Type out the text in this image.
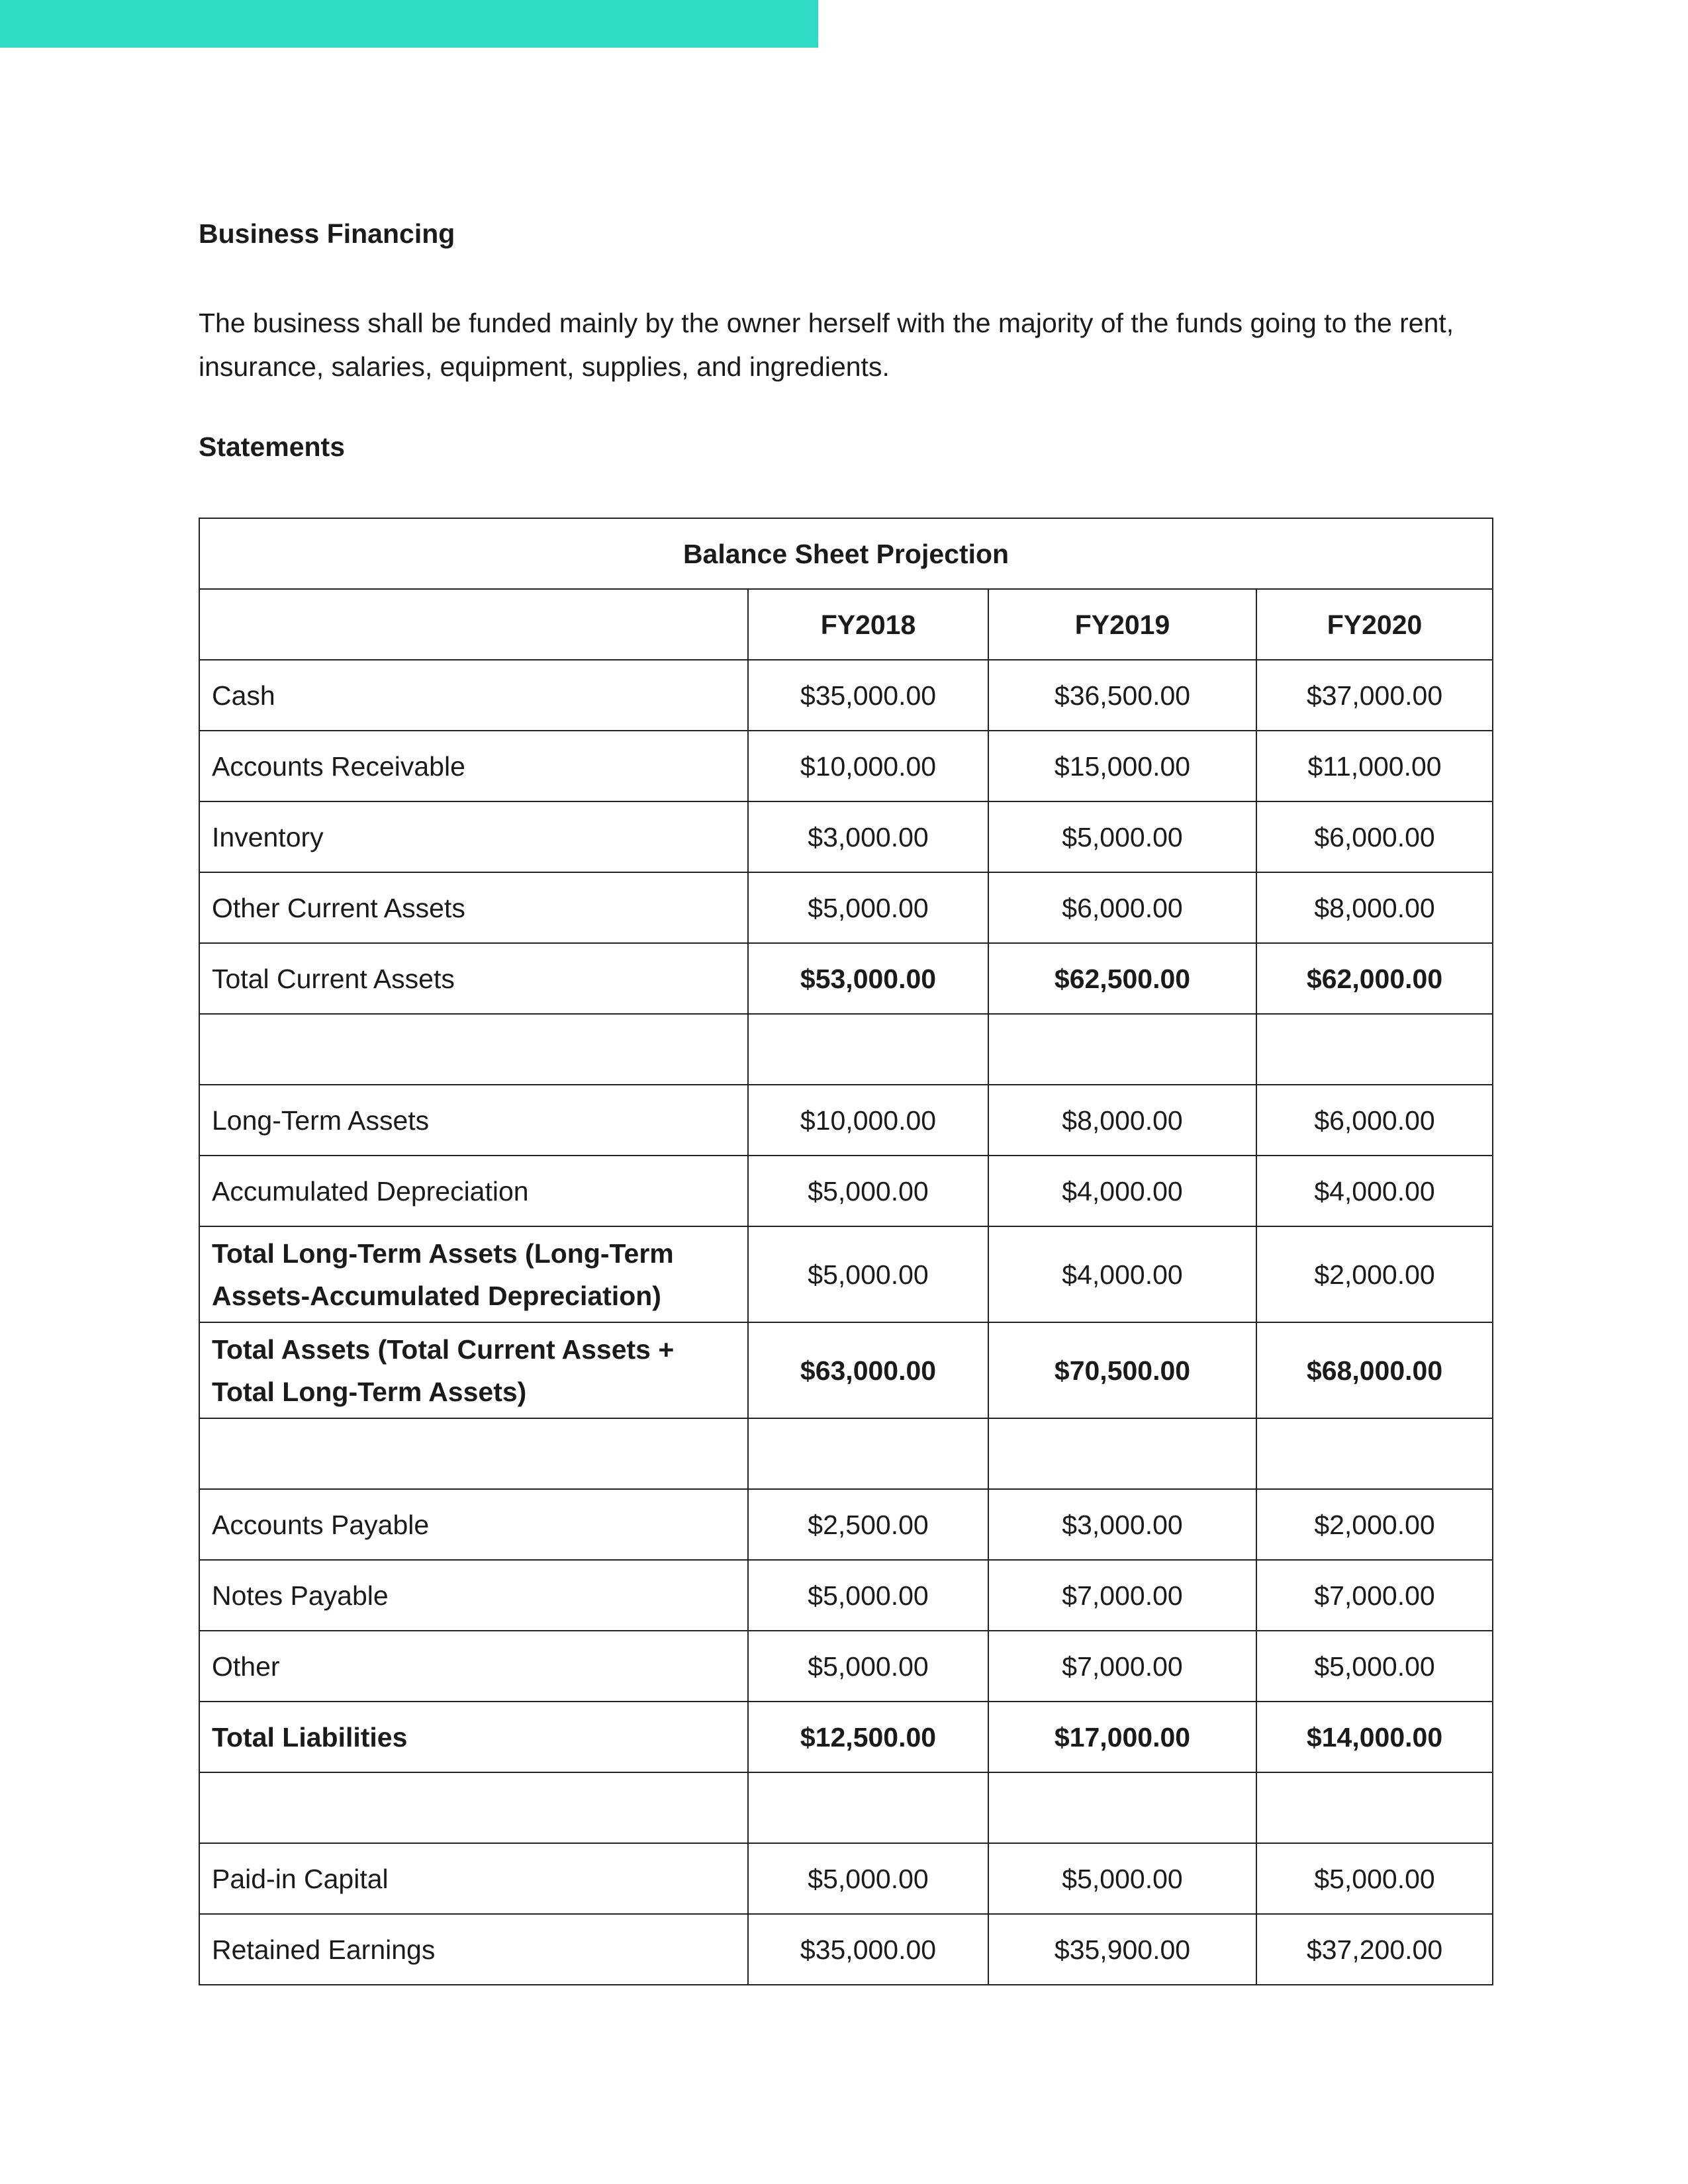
Business Financing
The business shall be funded mainly by the owner herself with the majority of the funds going to the rent, insurance, salaries, equipment, supplies, and ingredients.
Statements
Balance Sheet Projection			
	FY2018	FY2019	FY2020
Cash	$35,000.00	$36,500.00	$37,000.00
Accounts Receivable	$10,000.00	$15,000.00	$11,000.00
Inventory	$3,000.00	$5,000.00	$6,000.00
Other Current Assets	$5,000.00	$6,000.00	$8,000.00
Total Current Assets	$53,000.00	$62,500.00	$62,000.00

Long-Term Assets	$10,000.00	$8,000.00	$6,000.00
Accumulated Depreciation	$5,000.00	$4,000.00	$4,000.00
Total Long-Term Assets (Long-Term Assets-Accumulated Depreciation)	$5,000.00	$4,000.00	$2,000.00
Total Assets (Total Current Assets + Total Long-Term Assets)	$63,000.00	$70,500.00	$68,000.00

Accounts Payable	$2,500.00	$3,000.00	$2,000.00
Notes Payable	$5,000.00	$7,000.00	$7,000.00
Other	$5,000.00	$7,000.00	$5,000.00
Total Liabilities	$12,500.00	$17,000.00	$14,000.00

Paid-in Capital	$5,000.00	$5,000.00	$5,000.00
Retained Earnings	$35,000.00	$35,900.00	$37,200.00
